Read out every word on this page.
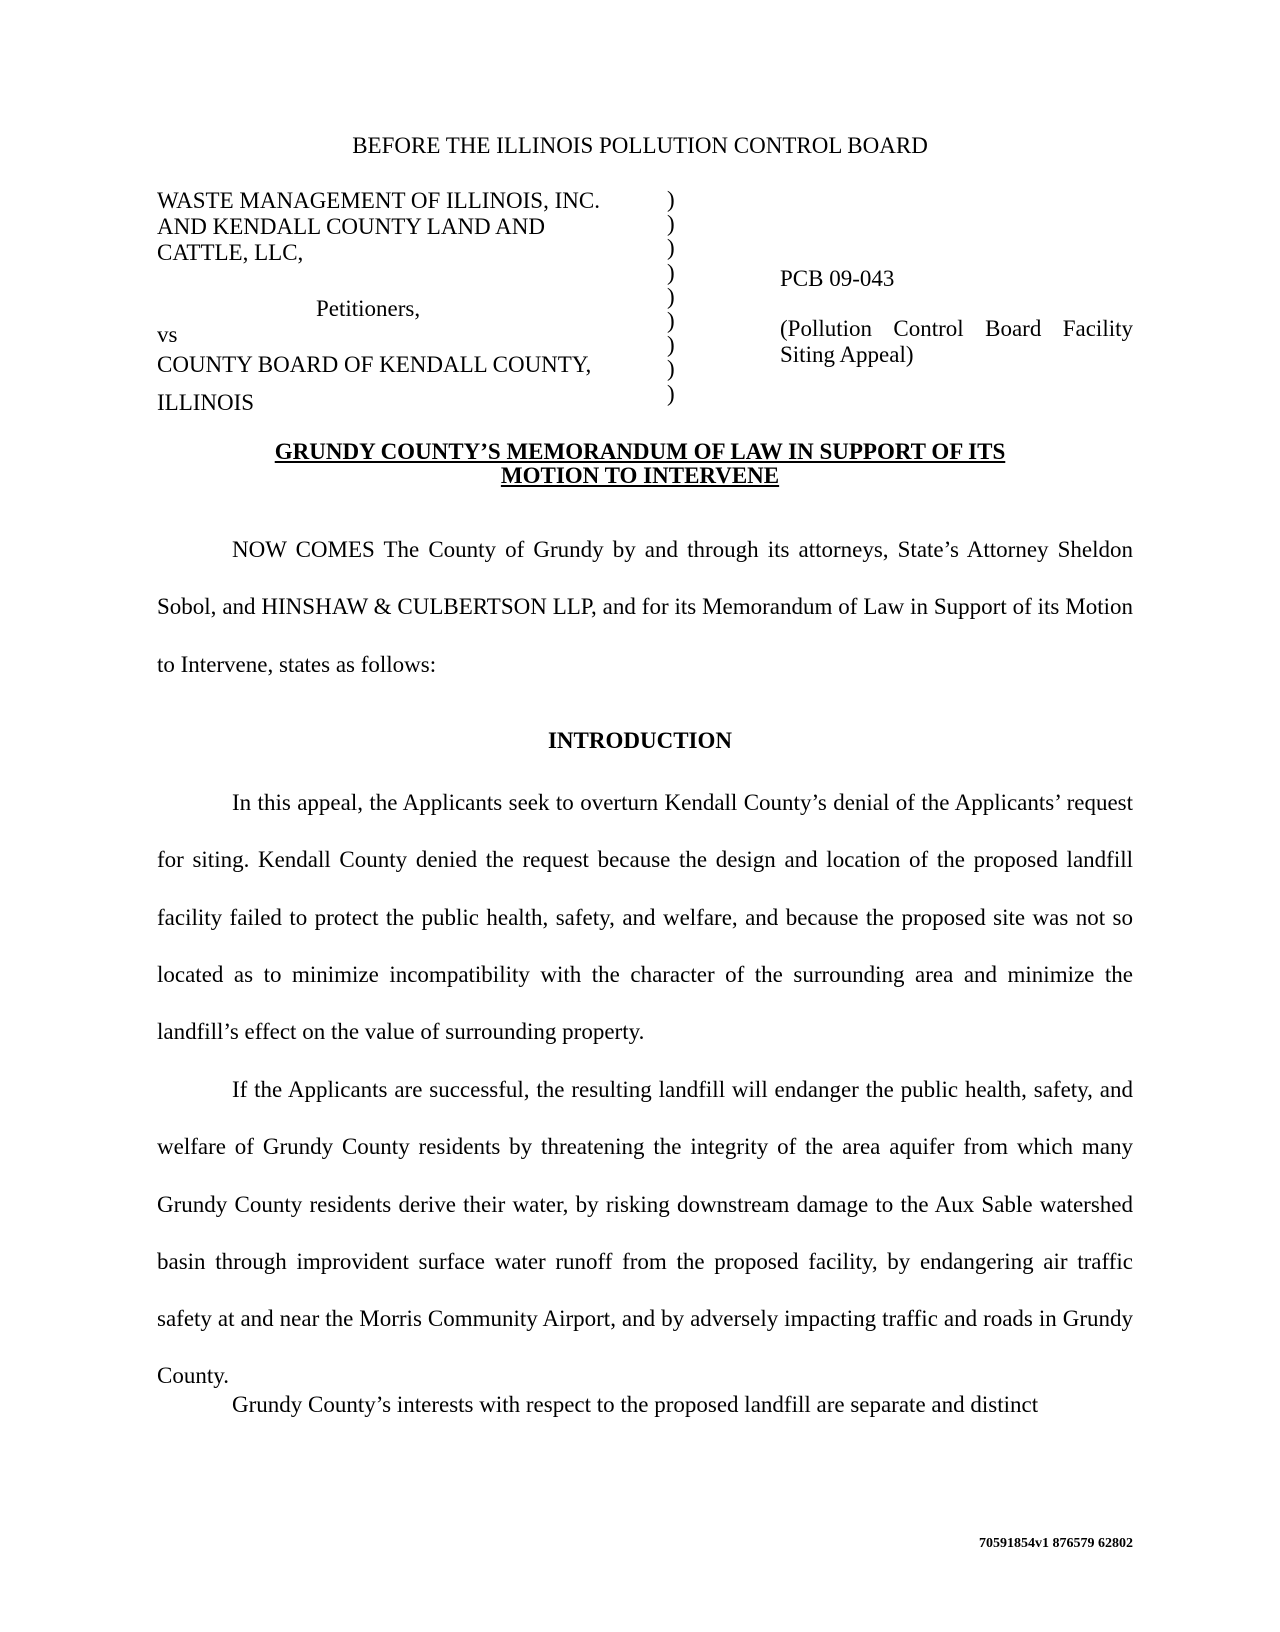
BEFORE THE ILLINOIS POLLUTION CONTROL BOARD
WASTE MANAGEMENT OF ILLINOIS, INC.
AND KENDALL COUNTY LAND AND
CATTLE, LLC,
Petitioners,
vs
COUNTY BOARD OF KENDALL COUNTY,
ILLINOIS
)
)
)
)
)
)
)
)
)
PCB 09-043
(Pollution Control Board Facility Siting Appeal)
GRUNDY COUNTY’S MEMORANDUM OF LAW IN SUPPORT OF ITS
MOTION TO INTERVENE
NOW COMES The County of Grundy by and through its attorneys, State’s Attorney Sheldon Sobol, and HINSHAW & CULBERTSON LLP, and for its Memorandum of Law in Support of its Motion to Intervene, states as follows:
INTRODUCTION
In this appeal, the Applicants seek to overturn Kendall County’s denial of the Applicants’ request for siting. Kendall County denied the request because the design and location of the proposed landfill facility failed to protect the public health, safety, and welfare, and because the proposed site was not so located as to minimize incompatibility with the character of the surrounding area and minimize the landfill’s effect on the value of surrounding property.
If the Applicants are successful, the resulting landfill will endanger the public health, safety, and welfare of Grundy County residents by threatening the integrity of the area aquifer from which many Grundy County residents derive their water, by risking downstream damage to the Aux Sable watershed basin through improvident surface water runoff from the proposed facility, by endangering air traffic safety at and near the Morris Community Airport, and by adversely impacting traffic and roads in Grundy County.
Grundy County’s interests with respect to the proposed landfill are separate and distinct
70591854v1 876579 62802
